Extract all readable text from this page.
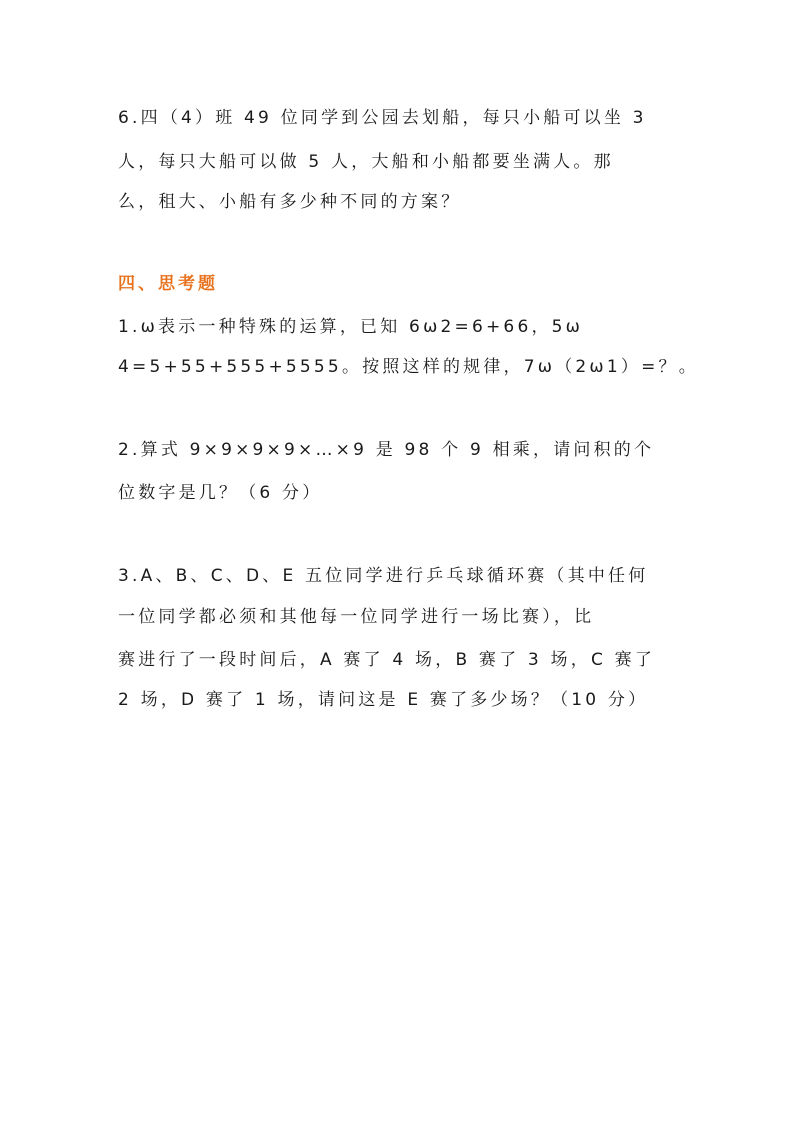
6.四（4）班 49 位同学到公园去划船，每只小船可以坐 3
人，每只大船可以做 5 人，大船和小船都要坐满人。那
么，租大、小船有多少种不同的方案？
四、思考题
1.ω表示一种特殊的运算，已知 6ω2=6+66，5ω
4=5+55+555+5555。按照这样的规律，7ω（2ω1）=？。
2.算式 9×9×9×9×…×9 是 98 个 9 相乘，请问积的个
位数字是几？（6 分）
3.A、B、C、D、E 五位同学进行乒乓球循环赛（其中任何
一位同学都必须和其他每一位同学进行一场比赛），比
赛进行了一段时间后，A 赛了 4 场，B 赛了 3 场，C 赛了
2 场，D 赛了 1 场，请问这是 E 赛了多少场？（10 分）
